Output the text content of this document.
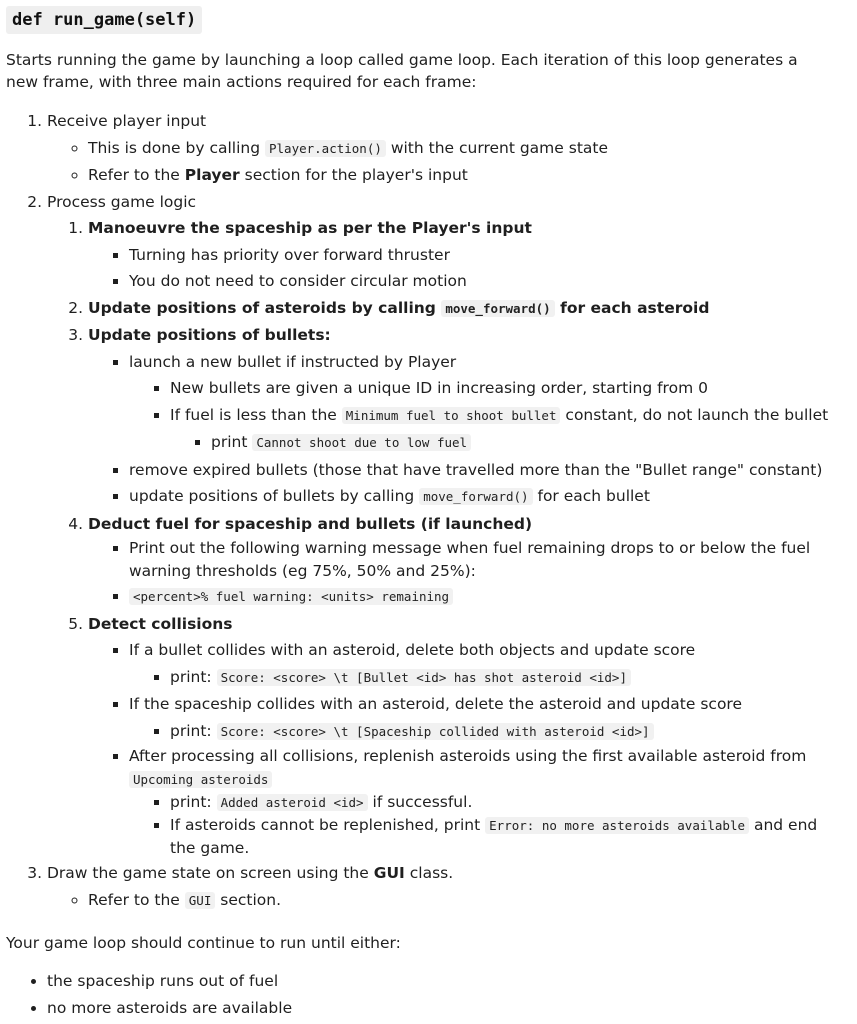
def run_game(self)

Starts running the game by launching a loop called game loop. Each iteration of this loop generates a new frame, with three main actions required for each frame:

1. Receive player input
◦ This is done by calling Player.action() with the current game state
◦ Refer to the Player section for the player's input
2. Process game logic
1. Manoeuvre the spaceship as per the Player's input
▪ Turning has priority over forward thruster
▪ You do not need to consider circular motion
2. Update positions of asteroids by calling move_forward() for each asteroid
3. Update positions of bullets:
▪ launch a new bullet if instructed by Player
▪ New bullets are given a unique ID in increasing order, starting from 0
▪ If fuel is less than the Minimum fuel to shoot bullet constant, do not launch the bullet
▪ print Cannot shoot due to low fuel
▪ remove expired bullets (those that have travelled more than the "Bullet range" constant)
▪ update positions of bullets by calling move_forward() for each bullet
4. Deduct fuel for spaceship and bullets (if launched)
▪ Print out the following warning message when fuel remaining drops to or below the fuel warning thresholds (eg 75%, 50% and 25%):
▪ <percent>% fuel warning: <units> remaining
5. Detect collisions
▪ If a bullet collides with an asteroid, delete both objects and update score
▪ print: Score: <score> \t [Bullet <id> has shot asteroid <id>]
▪ If the spaceship collides with an asteroid, delete the asteroid and update score
▪ print: Score: <score> \t [Spaceship collided with asteroid <id>]
▪ After processing all collisions, replenish asteroids using the first available asteroid from Upcoming asteroids
▪ print: Added asteroid <id> if successful.
▪ If asteroids cannot be replenished, print Error: no more asteroids available and end the game.
3. Draw the game state on screen using the GUI class.
◦ Refer to the GUI section.

Your game loop should continue to run until either:

• the spaceship runs out of fuel
• no more asteroids are available
